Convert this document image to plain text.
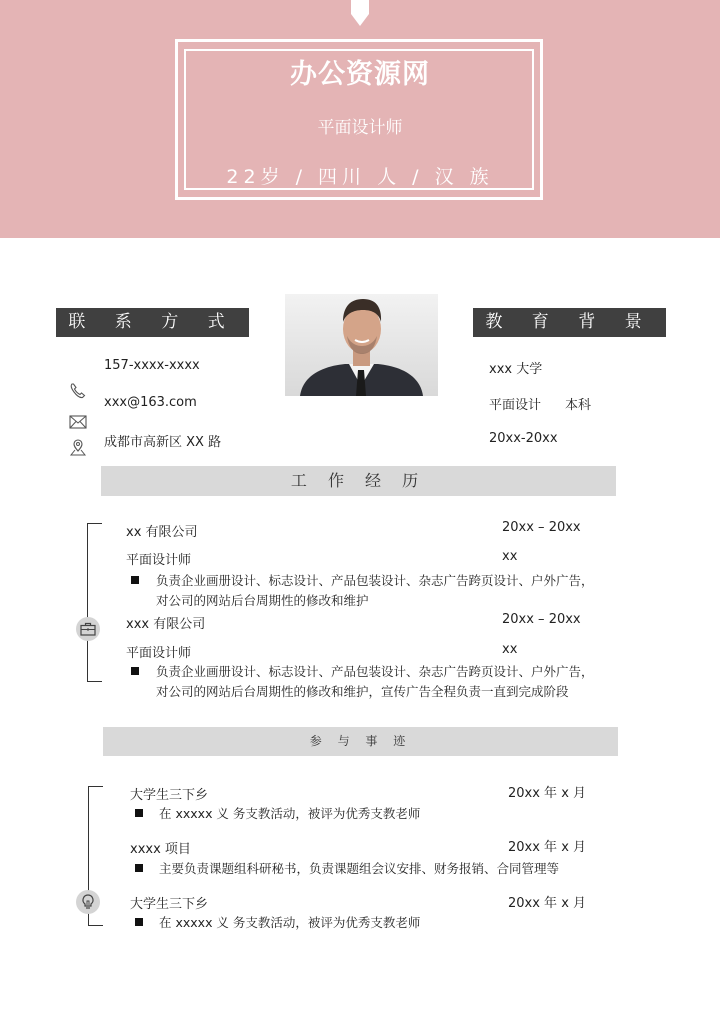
办公资源网
平面设计师
22岁 / 四川 人 / 汉 族
联 系 方 式
157-xxxx-xxxx
xxx@163.com
成都市高新区 XX 路
教 育 背 景
xxx 大学
平面设计 本科
20xx-20xx
工 作 经 历
xx 有限公司	20xx – 20xx
平面设计师	xx
负责企业画册设计、标志设计、产品包装设计、杂志广告跨页设计、户外广告，
对公司的网站后台周期性的修改和维护
xxx 有限公司	20xx – 20xx
平面设计师	xx
负责企业画册设计、标志设计、产品包装设计、杂志广告跨页设计、户外广告，
对公司的网站后台周期性的修改和维护，宣传广告全程负责一直到完成阶段
参 与 事 迹
大学生三下乡	20xx 年 x 月
在 xxxxx 义 务支教活动，被评为优秀支教老师
xxxx 项目	20xx 年 x 月
主要负责课题组科研秘书，负责课题组会议安排、财务报销、合同管理等
大学生三下乡	20xx 年 x 月
在 xxxxx 义 务支教活动，被评为优秀支教老师
